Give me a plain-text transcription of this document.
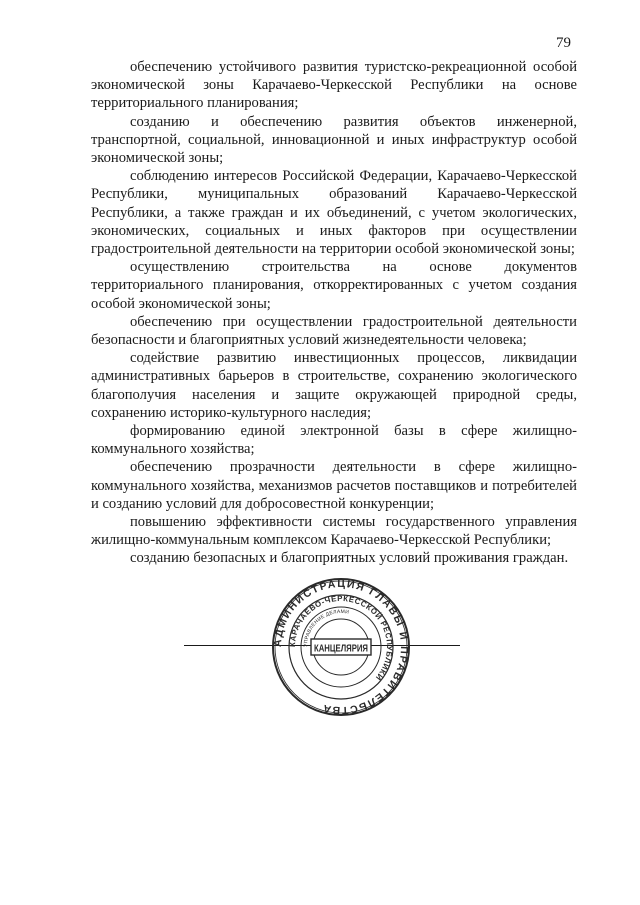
79

обеспечению устойчивого развития туристско-рекреационной особой экономической зоны Карачаево-Черкесской Республики на основе территориального планирования;

созданию и обеспечению развития объектов инженерной, транспортной, социальной, инновационной и иных инфраструктур особой экономической зоны;

соблюдению интересов Российской Федерации, Карачаево-Черкесской Республики, муниципальных образований Карачаево-Черкесской Республики, а также граждан и их объединений, с учетом экологических, экономических, социальных и иных факторов при осуществлении градостроительной деятельности на территории особой экономической зоны;

осуществлению строительства на основе документов территориального планирования, откорректированных с учетом создания особой экономической зоны;

обеспечению при осуществлении градостроительной деятельности безопасности и благоприятных условий жизнедеятельности человека;

содействие развитию инвестиционных процессов, ликвидации административных барьеров в строительстве, сохранению экологического благополучия населения и защите окружающей природной среды, сохранению историко-культурного наследия;

формированию единой электронной базы в сфере жилищно-коммунального хозяйства;

обеспечению прозрачности деятельности в сфере жилищно-коммунального хозяйства, механизмов расчетов поставщиков и потребителей и созданию условий для добросовестной конкуренции;

повышению эффективности системы государственного управления жилищно-коммунальным комплексом Карачаево-Черкесской Республики;

созданию безопасных и благоприятных условий проживания граждан.

АДМИНИСТРАЦИЯ ГЛАВЫ И ПРАВИТЕЛЬСТВА
КАРАЧАЕВО-ЧЕРКЕССКОЙ РЕСПУБЛИКИ
УПРАВЛЕНИЕ ДЕЛАМИ
КАНЦЕЛЯРИЯ
